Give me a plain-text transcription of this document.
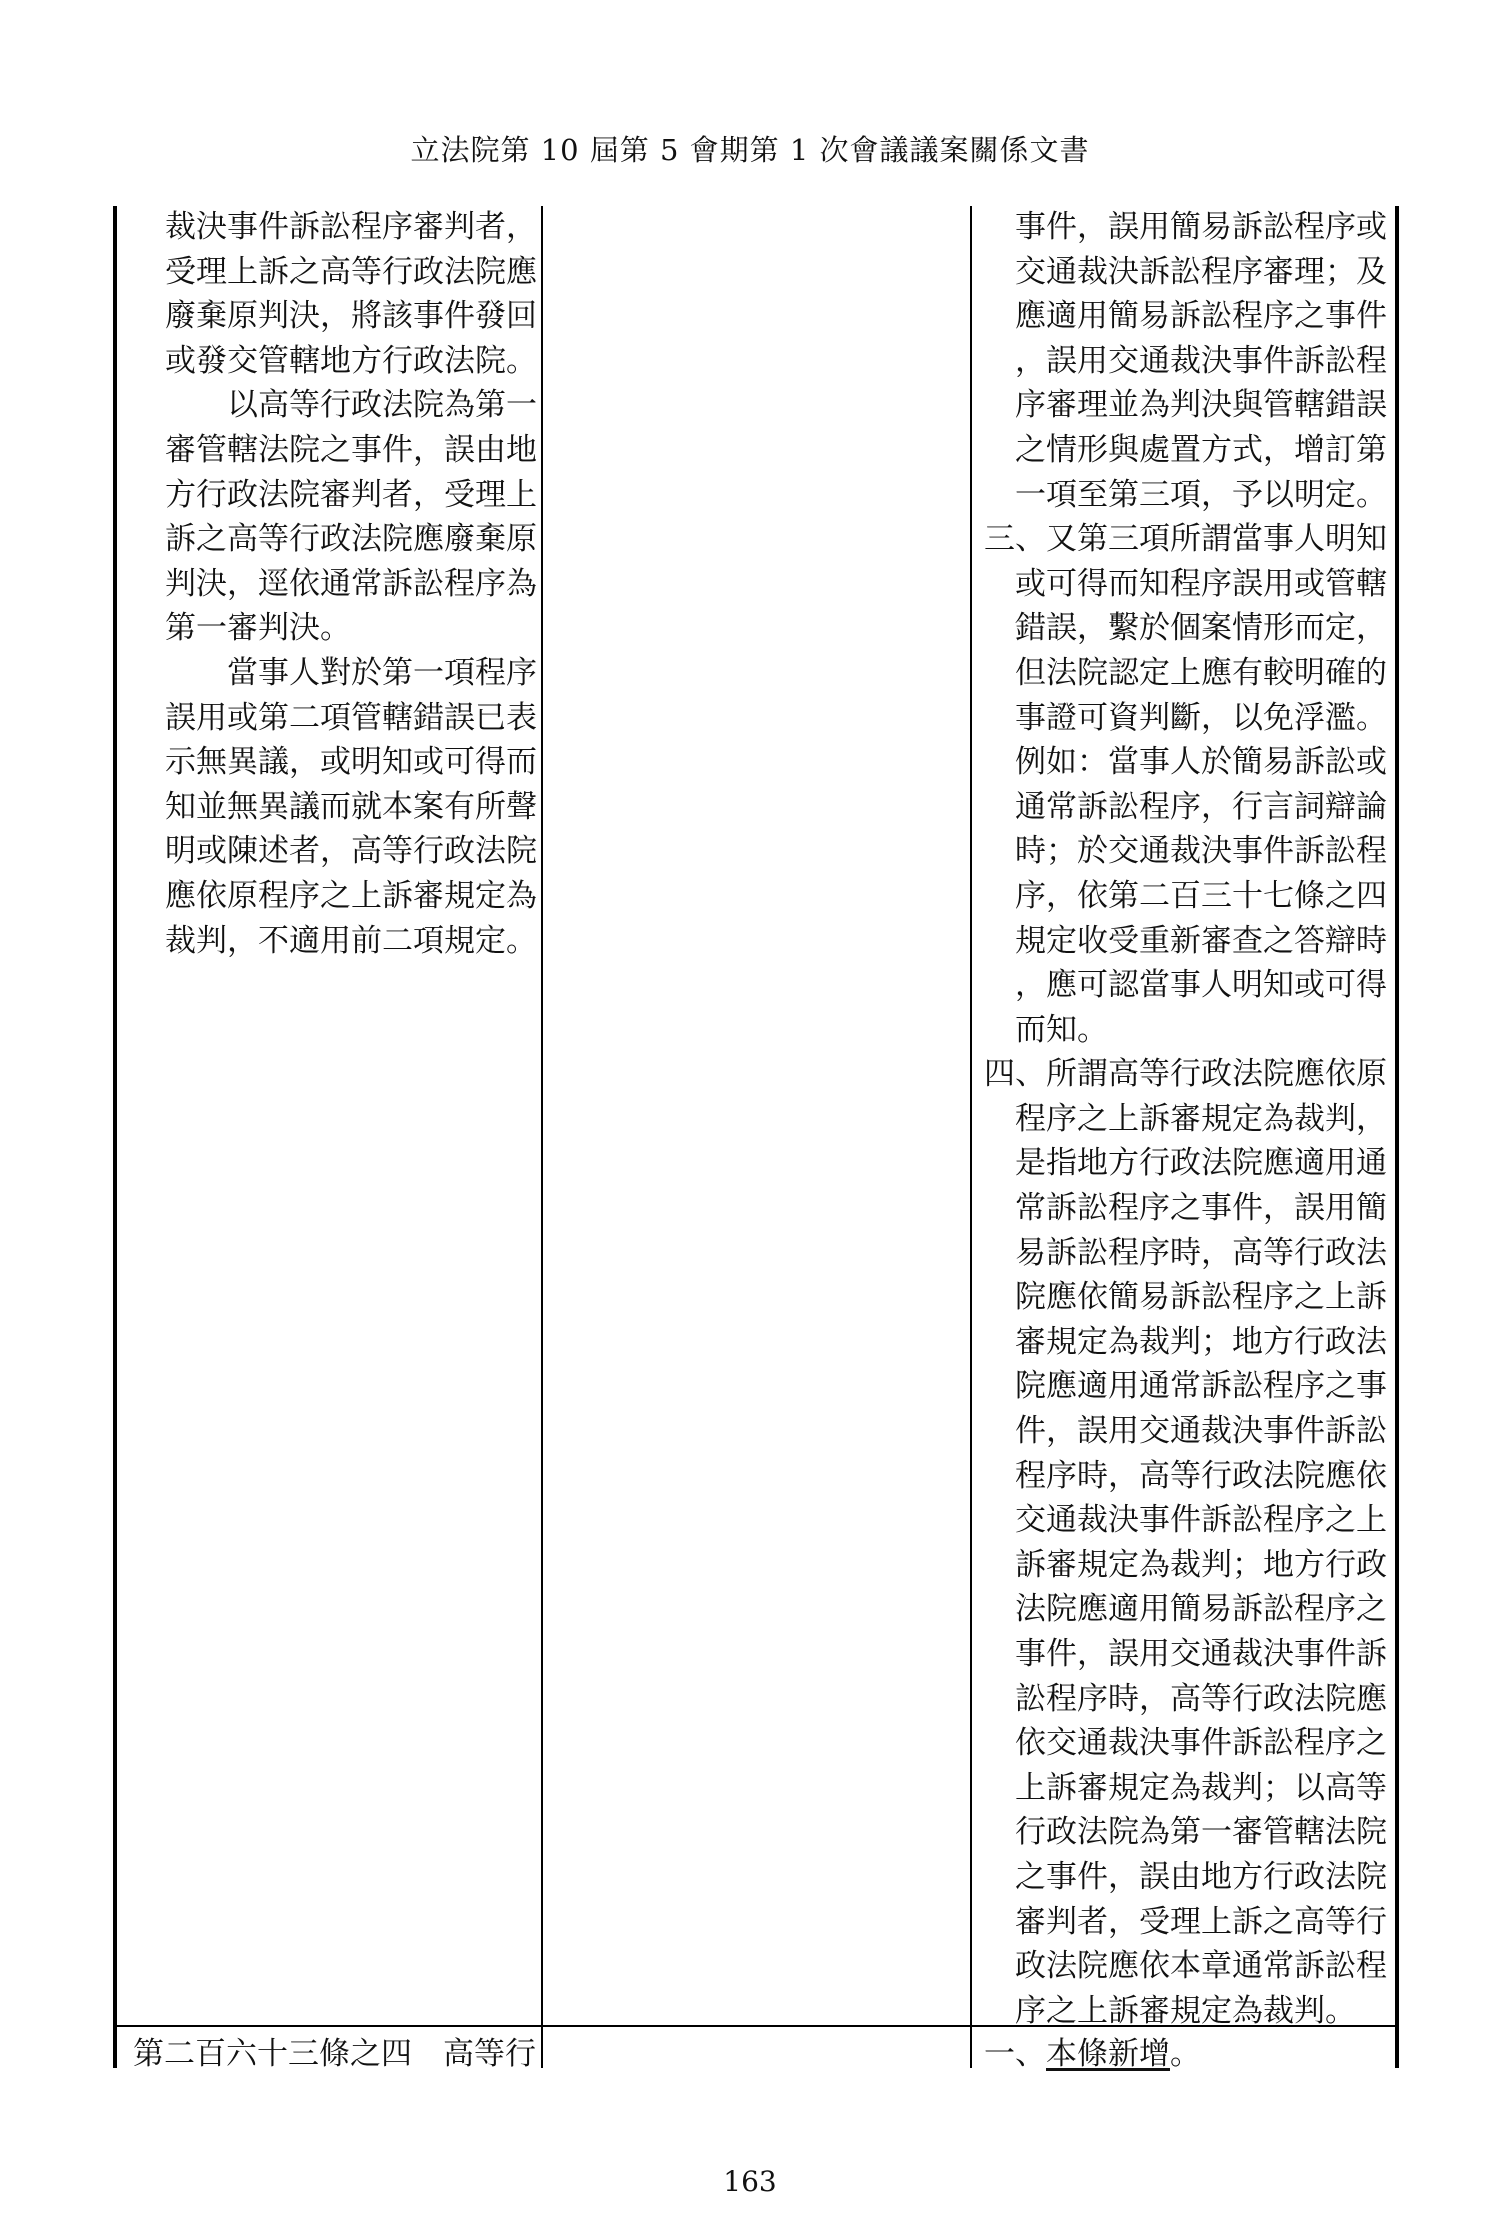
立法院第 10 屆第 5 會期第 1 次會議議案關係文書
裁決事件訴訟程序審判者，
受理上訴之高等行政法院應
廢棄原判決，將該事件發回
或發交管轄地方行政法院。
以高等行政法院為第一
審管轄法院之事件，誤由地
方行政法院審判者，受理上
訴之高等行政法院應廢棄原
判決，逕依通常訴訟程序為
第一審判決。
當事人對於第一項程序
誤用或第二項管轄錯誤已表
示無異議，或明知或可得而
知並無異議而就本案有所聲
明或陳述者，高等行政法院
應依原程序之上訴審規定為
裁判，不適用前二項規定。
事件，誤用簡易訴訟程序或
交通裁決訴訟程序審理；及
應適用簡易訴訟程序之事件
，誤用交通裁決事件訴訟程
序審理並為判決與管轄錯誤
之情形與處置方式，增訂第
一項至第三項，予以明定。
三、又第三項所謂當事人明知
或可得而知程序誤用或管轄
錯誤，繫於個案情形而定，
但法院認定上應有較明確的
事證可資判斷，以免浮濫。
例如：當事人於簡易訴訟或
通常訴訟程序，行言詞辯論
時；於交通裁決事件訴訟程
序，依第二百三十七條之四
規定收受重新審查之答辯時
，應可認當事人明知或可得
而知。
四、所謂高等行政法院應依原
程序之上訴審規定為裁判，
是指地方行政法院應適用通
常訴訟程序之事件，誤用簡
易訴訟程序時，高等行政法
院應依簡易訴訟程序之上訴
審規定為裁判；地方行政法
院應適用通常訴訟程序之事
件，誤用交通裁決事件訴訟
程序時，高等行政法院應依
交通裁決事件訴訟程序之上
訴審規定為裁判；地方行政
法院應適用簡易訴訟程序之
事件，誤用交通裁決事件訴
訟程序時，高等行政法院應
依交通裁決事件訴訟程序之
上訴審規定為裁判；以高等
行政法院為第一審管轄法院
之事件，誤由地方行政法院
審判者，受理上訴之高等行
政法院應依本章通常訴訟程
序之上訴審規定為裁判。
第二百六十三條之四　高等行	一、本條新增。
163
